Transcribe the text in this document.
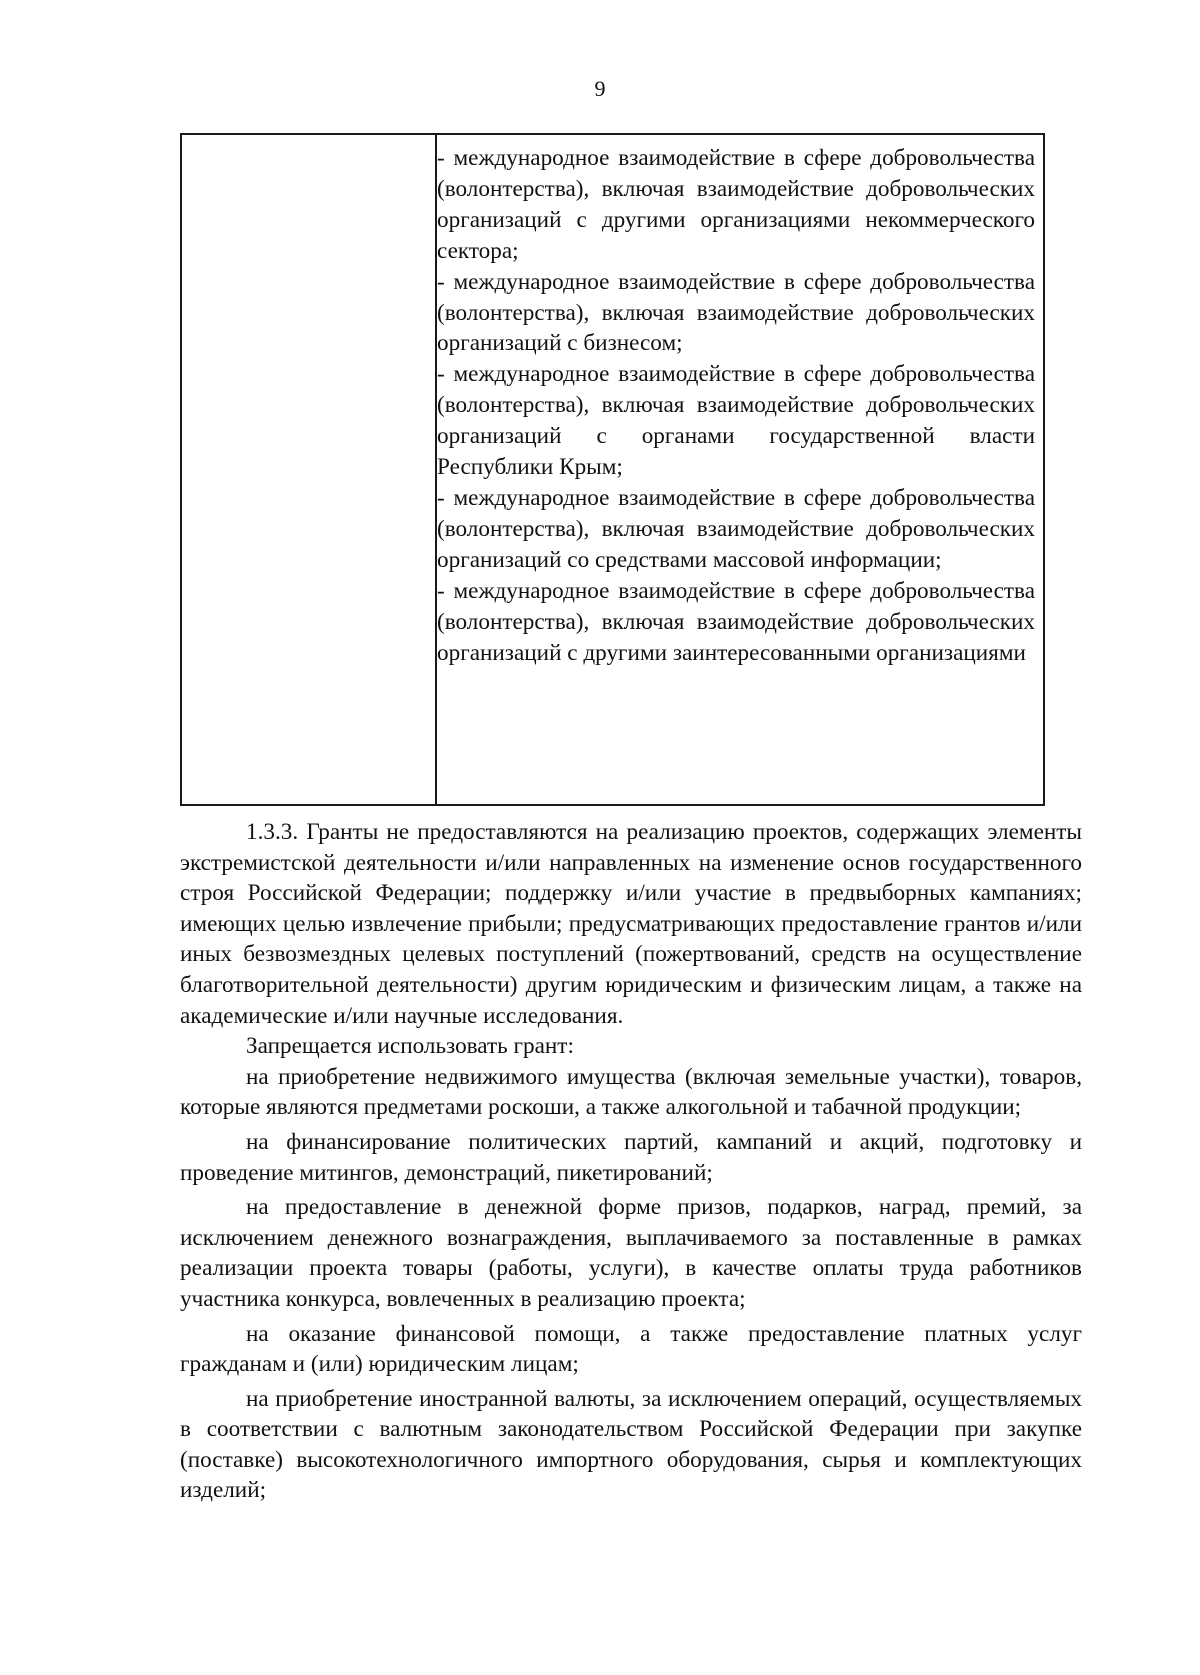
9

- международное взаимодействие в сфере добровольчества (волонтерства), включая взаимодействие добровольческих организаций с другими организациями некоммерческого сектора;

- международное взаимодействие в сфере добровольчества (волонтерства), включая взаимодействие добровольческих организаций с бизнесом;

- международное взаимодействие в сфере добровольчества (волонтерства), включая взаимодействие добровольческих организаций с органами государственной власти Республики Крым;

- международное взаимодействие в сфере добровольчества (волонтерства), включая взаимодействие добровольческих организаций со средствами массовой информации;

- международное взаимодействие в сфере добровольчества (волонтерства), включая взаимодействие добровольческих организаций с другими заинтересованными организациями

1.3.3. Гранты не предоставляются на реализацию проектов, содержащих элементы экстремистской деятельности и/или направленных на изменение основ государственного строя Российской Федерации; поддержку и/или участие в предвыборных кампаниях; имеющих целью извлечение прибыли; предусматривающих предоставление грантов и/или иных безвозмездных целевых поступлений (пожертвований, средств на осуществление благотворительной деятельности) другим юридическим и физическим лицам, а также на академические и/или научные исследования.

Запрещается использовать грант:

на приобретение недвижимого имущества (включая земельные участки), товаров, которые являются предметами роскоши, а также алкогольной и табачной продукции;

на финансирование политических партий, кампаний и акций, подготовку и проведение митингов, демонстраций, пикетирований;

на предоставление в денежной форме призов, подарков, наград, премий, за исключением денежного вознаграждения, выплачиваемого за поставленные в рамках реализации проекта товары (работы, услуги), в качестве оплаты труда работников участника конкурса, вовлеченных в реализацию проекта;

на оказание финансовой помощи, а также предоставление платных услуг гражданам и (или) юридическим лицам;

на приобретение иностранной валюты, за исключением операций, осуществляемых в соответствии с валютным законодательством Российской Федерации при закупке (поставке) высокотехнологичного импортного оборудования, сырья и комплектующих изделий;
